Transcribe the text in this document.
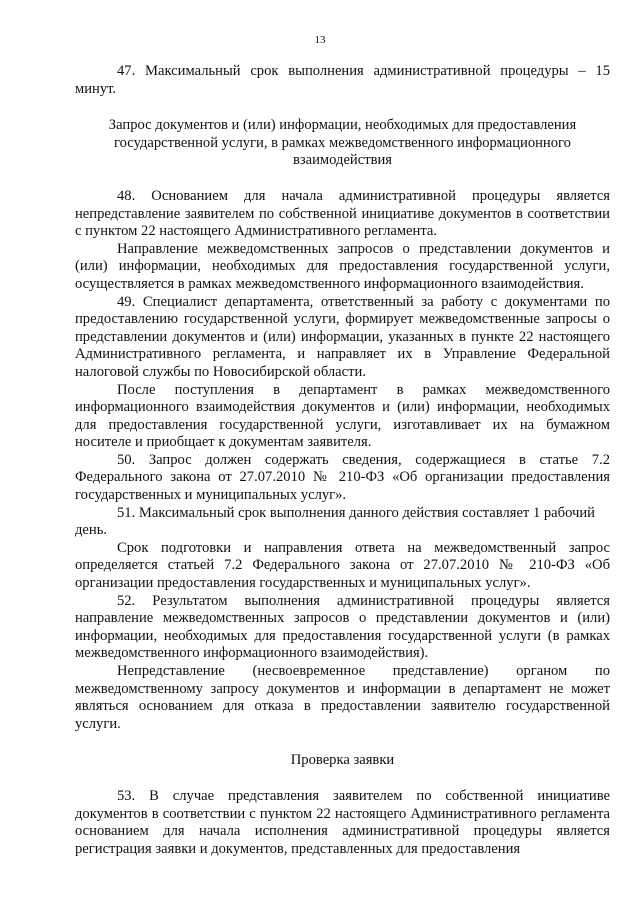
13

47. Максимальный срок выполнения административной процедуры – 15 минут.

Запрос документов и (или) информации, необходимых для предоставления государственной услуги, в рамках межведомственного информационного взаимодействия

48. Основанием для начала административной процедуры является непредставление заявителем по собственной инициативе документов в соответствии с пунктом 22 настоящего Административного регламента.

Направление межведомственных запросов о представлении документов и (или) информации, необходимых для предоставления государственной услуги, осуществляется в рамках межведомственного информационного взаимодействия.

49. Специалист департамента, ответственный за работу с документами по предоставлению государственной услуги, формирует межведомственные запросы о представлении документов и (или) информации, указанных в пункте 22 настоящего Административного регламента, и направляет их в Управление Федеральной налоговой службы по Новосибирской области.

После поступления в департамент в рамках межведомственного информационного взаимодействия документов и (или) информации, необходимых для предоставления государственной услуги, изготавливает их на бумажном носителе и приобщает к документам заявителя.

50. Запрос должен содержать сведения, содержащиеся в статье 7.2 Федерального закона от 27.07.2010 № 210-ФЗ «Об организации предоставления государственных и муниципальных услуг».

51. Максимальный срок выполнения данного действия составляет 1 рабочий день.

Срок подготовки и направления ответа на межведомственный запрос определяется статьей 7.2 Федерального закона от 27.07.2010 № 210-ФЗ «Об организации предоставления государственных и муниципальных услуг».

52. Результатом выполнения административной процедуры является направление межведомственных запросов о представлении документов и (или) информации, необходимых для предоставления государственной услуги (в рамках межведомственного информационного взаимодействия).

Непредставление (несвоевременное представление) органом по межведомственному запросу документов и информации в департамент не может являться основанием для отказа в предоставлении заявителю государственной услуги.

Проверка заявки

53. В случае представления заявителем по собственной инициативе документов в соответствии с пунктом 22 настоящего Административного регламента основанием для начала исполнения административной процедуры является регистрация заявки и документов, представленных для предоставления
